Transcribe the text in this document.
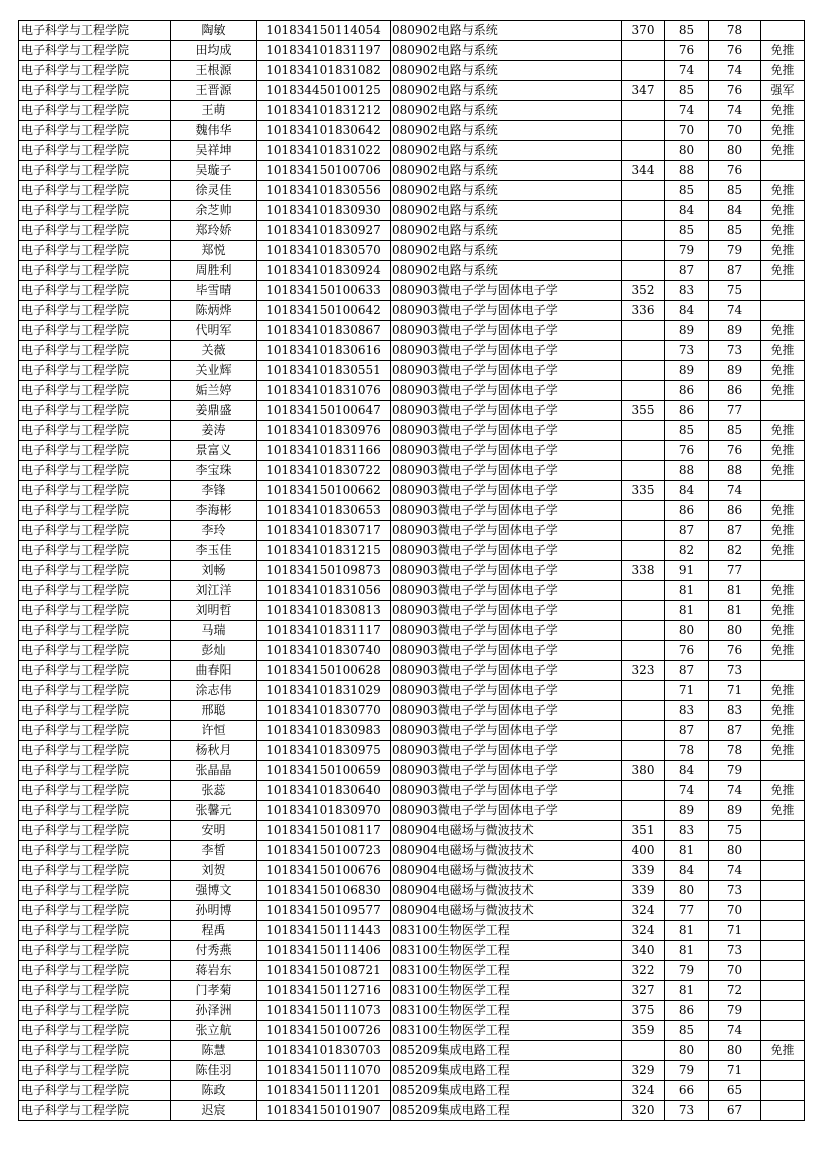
电子科学与工程学院	陶敏	101834150114054	080902电路与系统	370	85	78	
电子科学与工程学院	田均成	101834101831197	080902电路与系统		76	76	免推
电子科学与工程学院	王根源	101834101831082	080902电路与系统		74	74	免推
电子科学与工程学院	王晋源	101834450100125	080902电路与系统	347	85	76	强军
电子科学与工程学院	王萌	101834101831212	080902电路与系统		74	74	免推
电子科学与工程学院	魏伟华	101834101830642	080902电路与系统		70	70	免推
电子科学与工程学院	吴祥坤	101834101831022	080902电路与系统		80	80	免推
电子科学与工程学院	吴璇子	101834150100706	080902电路与系统	344	88	76	
电子科学与工程学院	徐灵佳	101834101830556	080902电路与系统		85	85	免推
电子科学与工程学院	余芝帅	101834101830930	080902电路与系统		84	84	免推
电子科学与工程学院	郑玲娇	101834101830927	080902电路与系统		85	85	免推
电子科学与工程学院	郑悦	101834101830570	080902电路与系统		79	79	免推
电子科学与工程学院	周胜利	101834101830924	080902电路与系统		87	87	免推
电子科学与工程学院	毕雪晴	101834150100633	080903微电子学与固体电子学	352	83	75	
电子科学与工程学院	陈炳烨	101834150100642	080903微电子学与固体电子学	336	84	74	
电子科学与工程学院	代明军	101834101830867	080903微电子学与固体电子学		89	89	免推
电子科学与工程学院	关薇	101834101830616	080903微电子学与固体电子学		73	73	免推
电子科学与工程学院	关业辉	101834101830551	080903微电子学与固体电子学		89	89	免推
电子科学与工程学院	姤兰婷	101834101831076	080903微电子学与固体电子学		86	86	免推
电子科学与工程学院	姜鼎盛	101834150100647	080903微电子学与固体电子学	355	86	77	
电子科学与工程学院	姜涛	101834101830976	080903微电子学与固体电子学		85	85	免推
电子科学与工程学院	景富义	101834101831166	080903微电子学与固体电子学		76	76	免推
电子科学与工程学院	李宝珠	101834101830722	080903微电子学与固体电子学		88	88	免推
电子科学与工程学院	李锋	101834150100662	080903微电子学与固体电子学	335	84	74	
电子科学与工程学院	李海彬	101834101830653	080903微电子学与固体电子学		86	86	免推
电子科学与工程学院	李玲	101834101830717	080903微电子学与固体电子学		87	87	免推
电子科学与工程学院	李玉佳	101834101831215	080903微电子学与固体电子学		82	82	免推
电子科学与工程学院	刘畅	101834150109873	080903微电子学与固体电子学	338	91	77	
电子科学与工程学院	刘江洋	101834101831056	080903微电子学与固体电子学		81	81	免推
电子科学与工程学院	刘明哲	101834101830813	080903微电子学与固体电子学		81	81	免推
电子科学与工程学院	马瑞	101834101831117	080903微电子学与固体电子学		80	80	免推
电子科学与工程学院	彭灿	101834101830740	080903微电子学与固体电子学		76	76	免推
电子科学与工程学院	曲春阳	101834150100628	080903微电子学与固体电子学	323	87	73	
电子科学与工程学院	涂志伟	101834101831029	080903微电子学与固体电子学		71	71	免推
电子科学与工程学院	邢聪	101834101830770	080903微电子学与固体电子学		83	83	免推
电子科学与工程学院	许恒	101834101830983	080903微电子学与固体电子学		87	87	免推
电子科学与工程学院	杨秋月	101834101830975	080903微电子学与固体电子学		78	78	免推
电子科学与工程学院	张晶晶	101834150100659	080903微电子学与固体电子学	380	84	79	
电子科学与工程学院	张蕊	101834101830640	080903微电子学与固体电子学		74	74	免推
电子科学与工程学院	张馨元	101834101830970	080903微电子学与固体电子学		89	89	免推
电子科学与工程学院	安明	101834150108117	080904电磁场与微波技术	351	83	75	
电子科学与工程学院	李皙	101834150100723	080904电磁场与微波技术	400	81	80	
电子科学与工程学院	刘贺	101834150100676	080904电磁场与微波技术	339	84	74	
电子科学与工程学院	强博文	101834150106830	080904电磁场与微波技术	339	80	73	
电子科学与工程学院	孙明博	101834150109577	080904电磁场与微波技术	324	77	70	
电子科学与工程学院	程禹	101834150111443	083100生物医学工程	324	81	71	
电子科学与工程学院	付秀燕	101834150111406	083100生物医学工程	340	81	73	
电子科学与工程学院	蒋岩东	101834150108721	083100生物医学工程	322	79	70	
电子科学与工程学院	门孝菊	101834150112716	083100生物医学工程	327	81	72	
电子科学与工程学院	孙泽洲	101834150111073	083100生物医学工程	375	86	79	
电子科学与工程学院	张立航	101834150100726	083100生物医学工程	359	85	74	
电子科学与工程学院	陈慧	101834101830703	085209集成电路工程		80	80	免推
电子科学与工程学院	陈佳羽	101834150111070	085209集成电路工程	329	79	71	
电子科学与工程学院	陈政	101834150111201	085209集成电路工程	324	66	65	
电子科学与工程学院	迟宸	101834150101907	085209集成电路工程	320	73	67	
